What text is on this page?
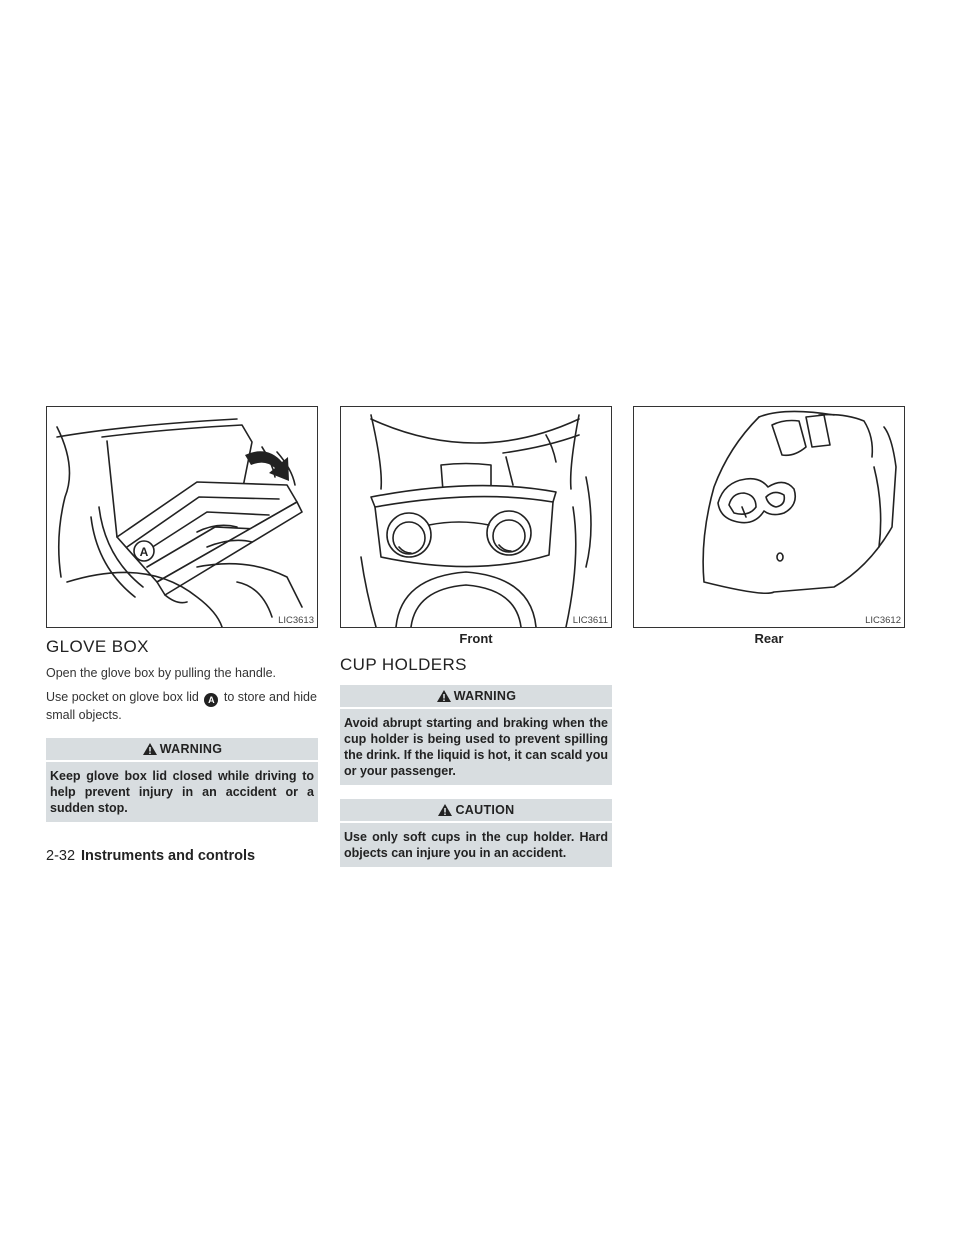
A
LIC3613
GLOVE BOX

Open the glove box by pulling the handle.

Use pocket on glove box lid A to store and hide small objects.

WARNING
Keep glove box lid closed while driving to help prevent injury in an accident or a sudden stop.
LIC3611
Front
CUP HOLDERS
WARNING
Avoid abrupt starting and braking when the cup holder is being used to prevent spilling the drink. If the liquid is hot, it can scald you or your passenger.
CAUTION
Use only soft cups in the cup holder. Hard objects can injure you in an accident.
LIC3612
Rear
2-32 Instruments and controls
